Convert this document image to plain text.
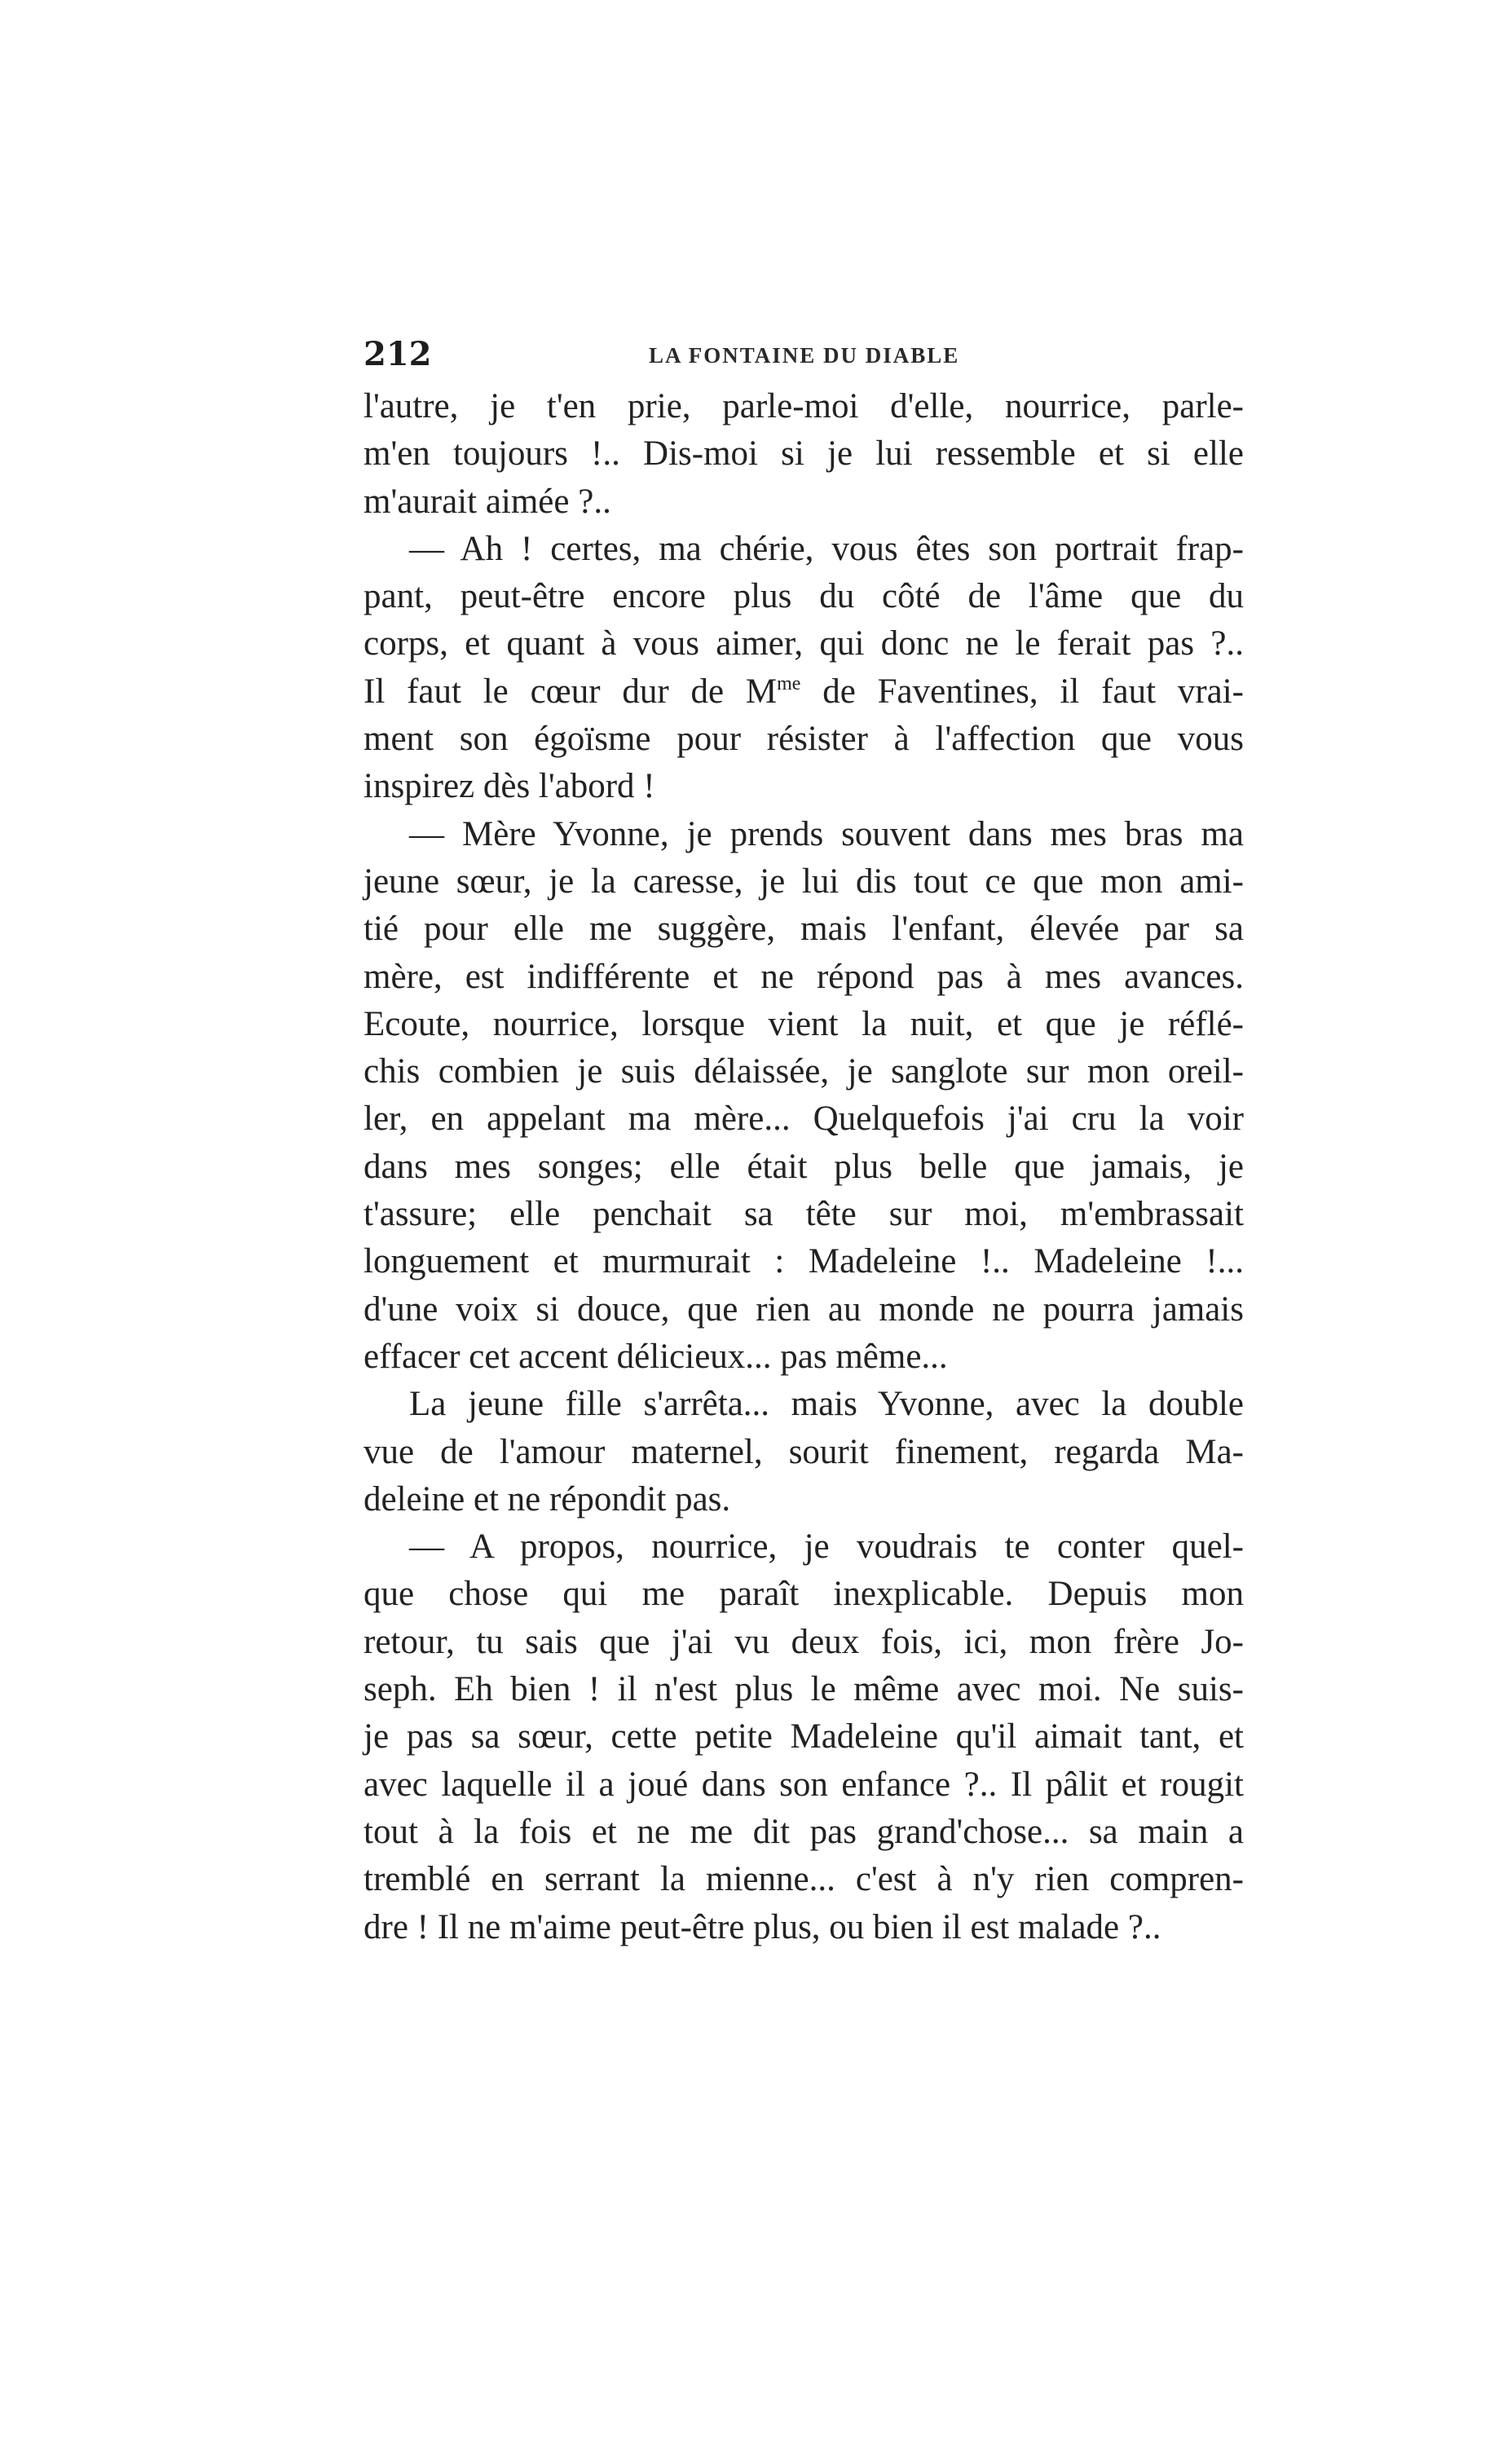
212	LA FONTAINE DU DIABLE
l'autre, je t'en prie, parle-moi d'elle, nourrice, parle-
m'en toujours !.. Dis-moi si je lui ressemble et si elle
m'aurait aimée ?..
— Ah ! certes, ma chérie, vous êtes son portrait frap-
pant, peut-être encore plus du côté de l'âme que du
corps, et quant à vous aimer, qui donc ne le ferait pas ?..
Il faut le cœur dur de $M^{me}$ de Faventines, il faut vrai-
ment son égoïsme pour résister à l'affection que vous
inspirez dès l'abord !
— Mère Yvonne, je prends souvent dans mes bras ma
jeune sœur, je la caresse, je lui dis tout ce que mon ami-
tié pour elle me suggère, mais l'enfant, élevée par sa
mère, est indifférente et ne répond pas à mes avances.
Ecoute, nourrice, lorsque vient la nuit, et que je réflé-
chis combien je suis délaissée, je sanglote sur mon oreil-
ler, en appelant ma mère... Quelquefois j'ai cru la voir
dans mes songes; elle était plus belle que jamais, je
t'assure; elle penchait sa tête sur moi, m'embrassait
longuement et murmurait : Madeleine !.. Madeleine !...
d'une voix si douce, que rien au monde ne pourra jamais
effacer cet accent délicieux... pas même...
La jeune fille s'arrêta... mais Yvonne, avec la double
vue de l'amour maternel, sourit finement, regarda Ma-
deleine et ne répondit pas.
— A propos, nourrice, je voudrais te conter quel-
que chose qui me paraît inexplicable. Depuis mon
retour, tu sais que j'ai vu deux fois, ici, mon frère Jo-
seph. Eh bien ! il n'est plus le même avec moi. Ne suis-
je pas sa sœur, cette petite Madeleine qu'il aimait tant, et
avec laquelle il a joué dans son enfance ?.. Il pâlit et rougit
tout à la fois et ne me dit pas grand'chose... sa main a
tremblé en serrant la mienne... c'est à n'y rien compren-
dre ! Il ne m'aime peut-être plus, ou bien il est malade ?..
